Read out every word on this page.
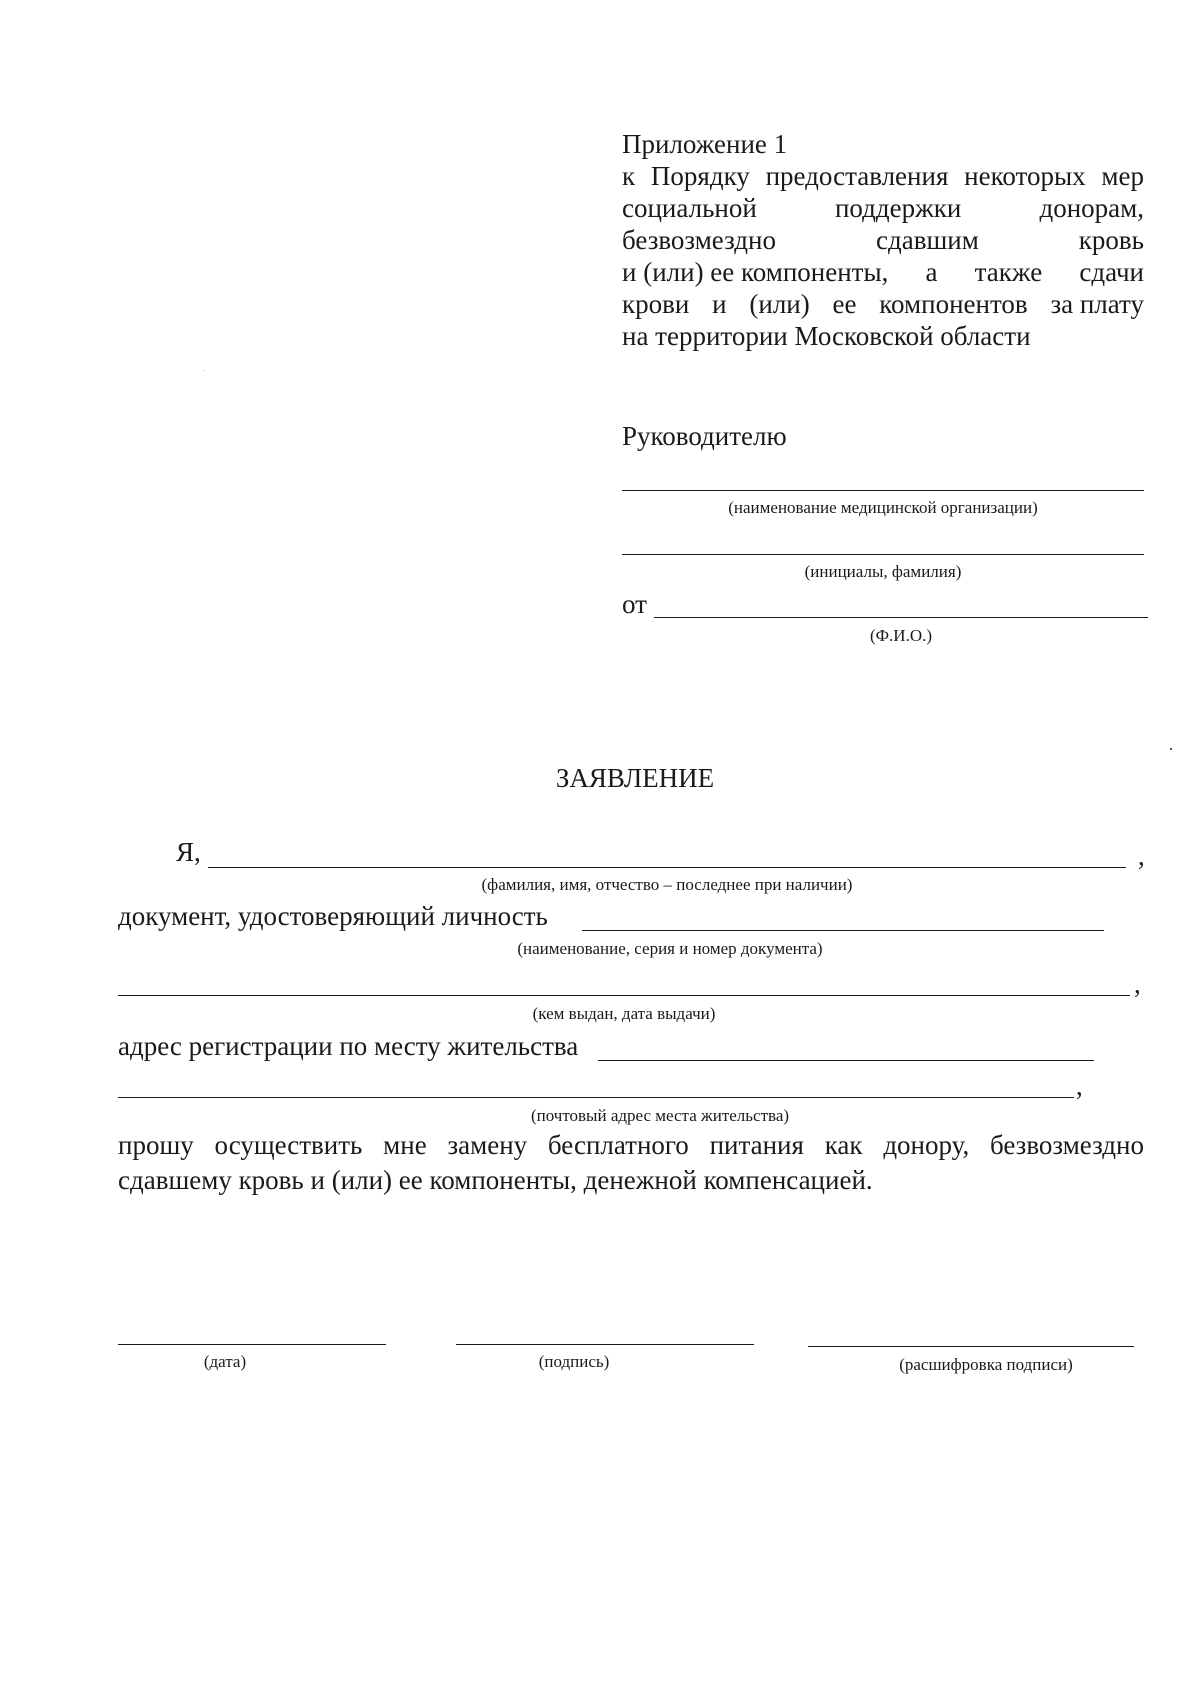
Приложение 1
к Порядку предоставления некоторых мер
социальной	поддержки	донорам,
безвозмездно	сдавшим	кровь
и (или) ее компоненты, а также сдачи
крови и (или) ее компонентов за плату
на территории Московской области
Руководителю
(наименование медицинской организации)
(инициалы, фамилия)
от
(Ф.И.О.)
ЗАЯВЛЕНИЕ
Я,	,
(фамилия, имя, отчество – последнее при наличии)
документ, удостоверяющий личность
(наименование, серия и номер документа)
,
(кем выдан, дата выдачи)
адрес регистрации по месту жительства
,
(почтовый адрес места жительства)
прошу осуществить мне замену бесплатного питания как донору, безвозмездно
сдавшему кровь и (или) ее компоненты, денежной компенсацией.
(дата)	(подпись)	(расшифровка подписи)
